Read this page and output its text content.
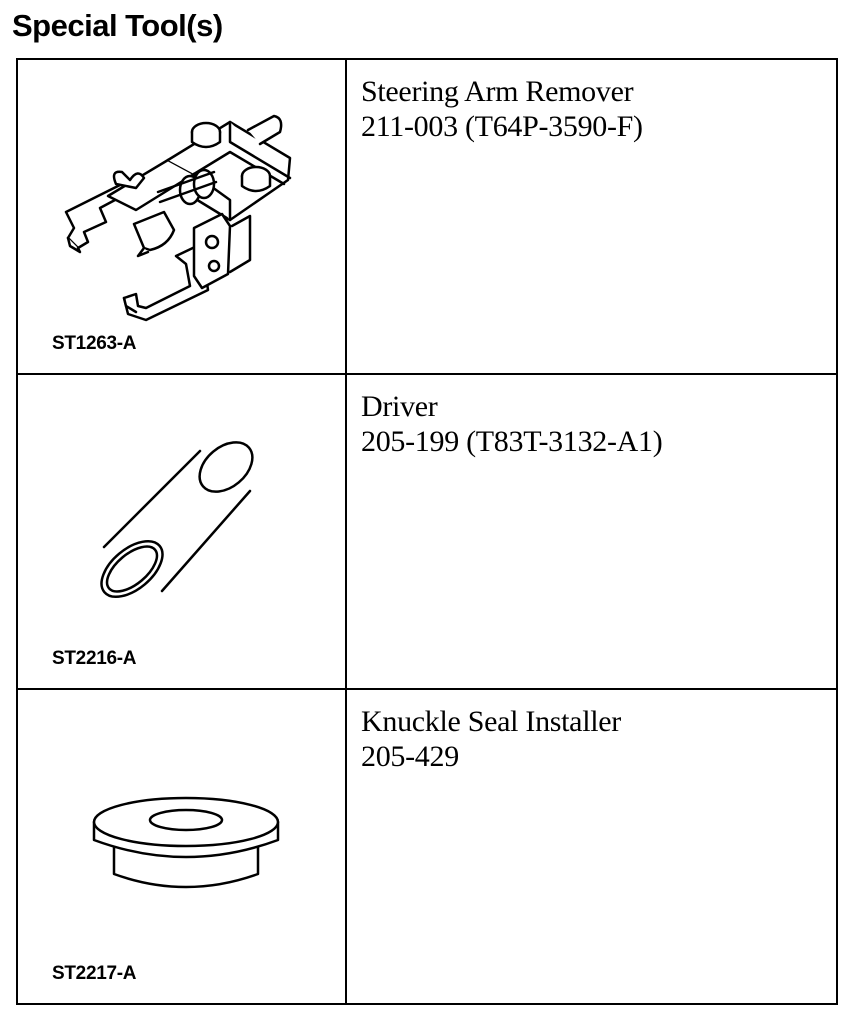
Special Tool(s)
ST1263-A	Steering Arm Remover
211-003 (T64P-3590-F)

ST2216-A	Driver
205-199 (T83T-3132-A1)

ST2217-A	Knuckle Seal Installer
205-429
